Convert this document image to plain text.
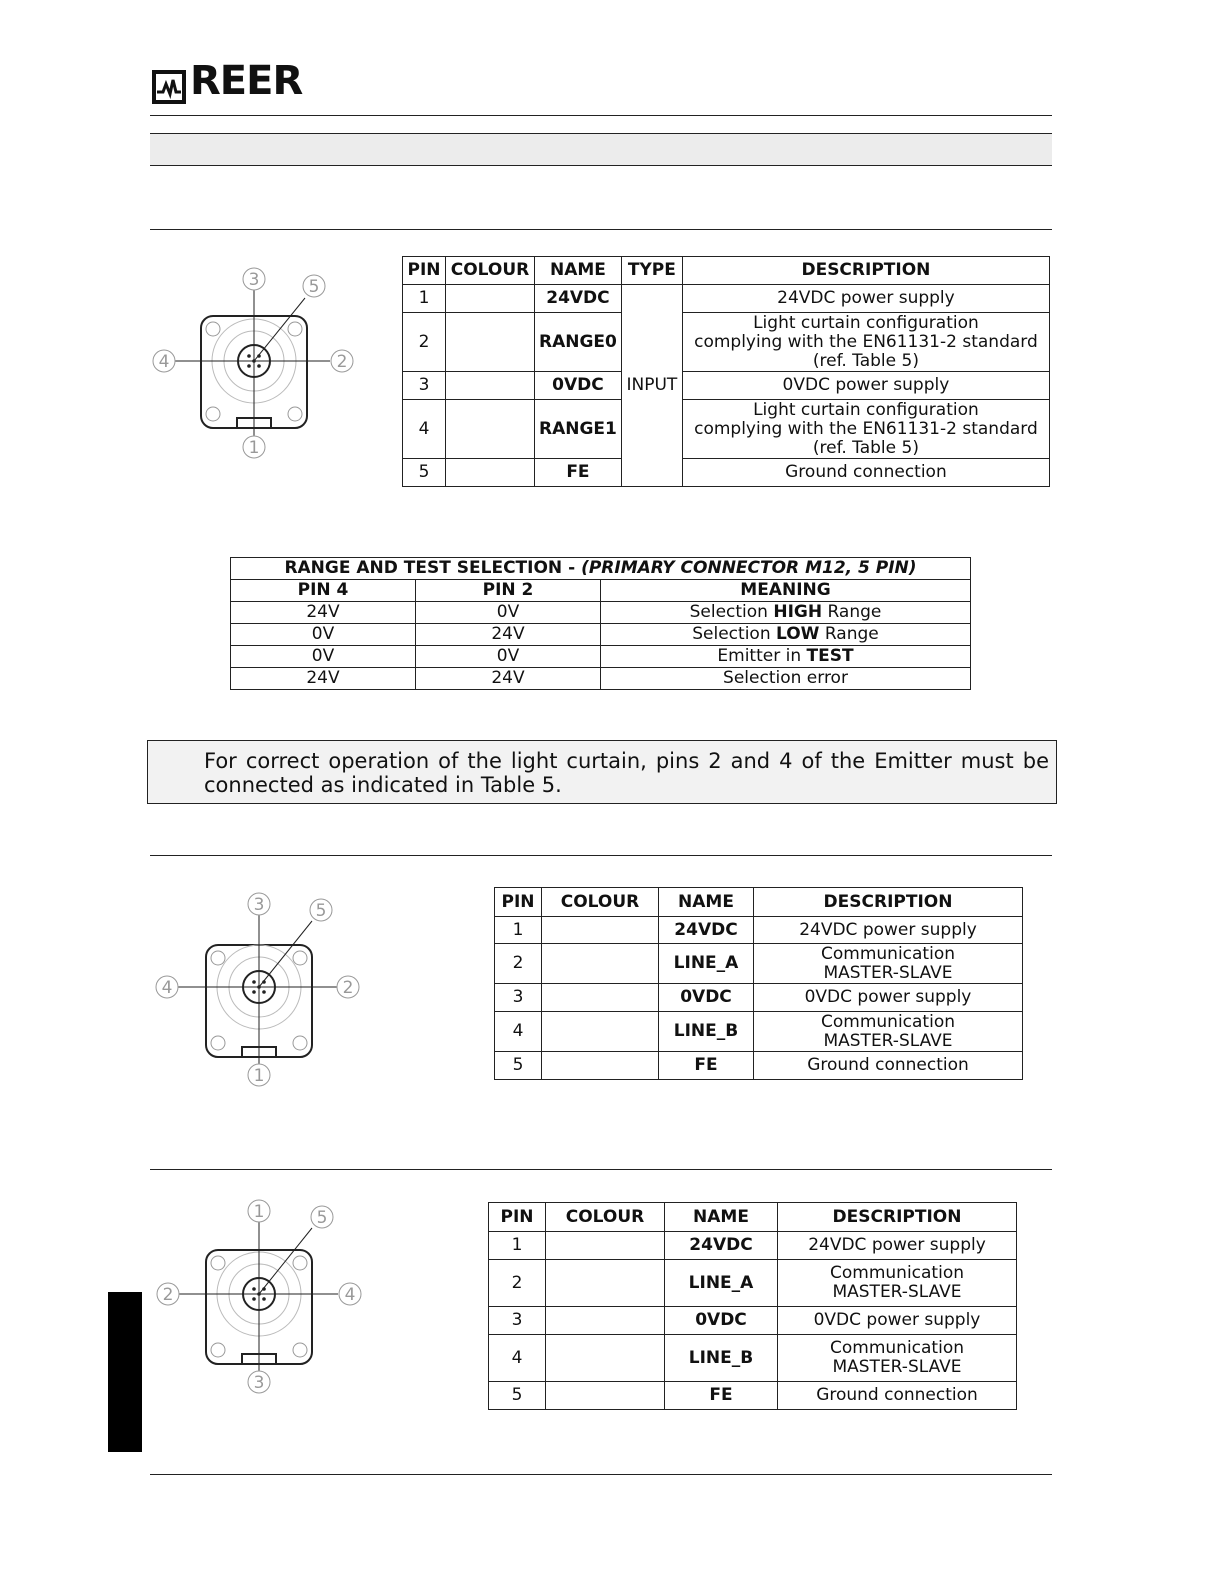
REER
3	5
4	2
1
PIN	COLOUR	NAME	TYPE	DESCRIPTION
1		24VDC	INPUT	24VDC power supply
2		RANGE0		Light curtain configuration
complying with the EN61131-2 standard
(ref. Table 5)

3		0VDC		0VDC power supply
4		RANGE1		Light curtain configuration
complying with the EN61131-2 standard
(ref. Table 5)

5		FE		Ground connection
RANGE AND TEST SELECTION - (PRIMARY CONNECTOR M12, 5 PIN)		
PIN 4	PIN 2	MEANING
24V	0V	Selection HIGH Range
0V	24V	Selection LOW Range
0V	0V	Emitter in TEST
24V	24V	Selection error
For correct operation of the light curtain, pins 2 and 4 of the Emitter must be connected as indicated in Table 5.
3	5
4	2
1
PIN	COLOUR	NAME	DESCRIPTION
1		24VDC	24VDC power supply
2		LINE_A	Communication
MASTER-SLAVE

3		0VDC	0VDC power supply
4		LINE_B	Communication
MASTER-SLAVE

5		FE	Ground connection
1	5
2	4
3
PIN	COLOUR	NAME	DESCRIPTION
1		24VDC	24VDC power supply
2		LINE_A	Communication
MASTER-SLAVE

3		0VDC	0VDC power supply
4		LINE_B	Communication
MASTER-SLAVE

5		FE	Ground connection
